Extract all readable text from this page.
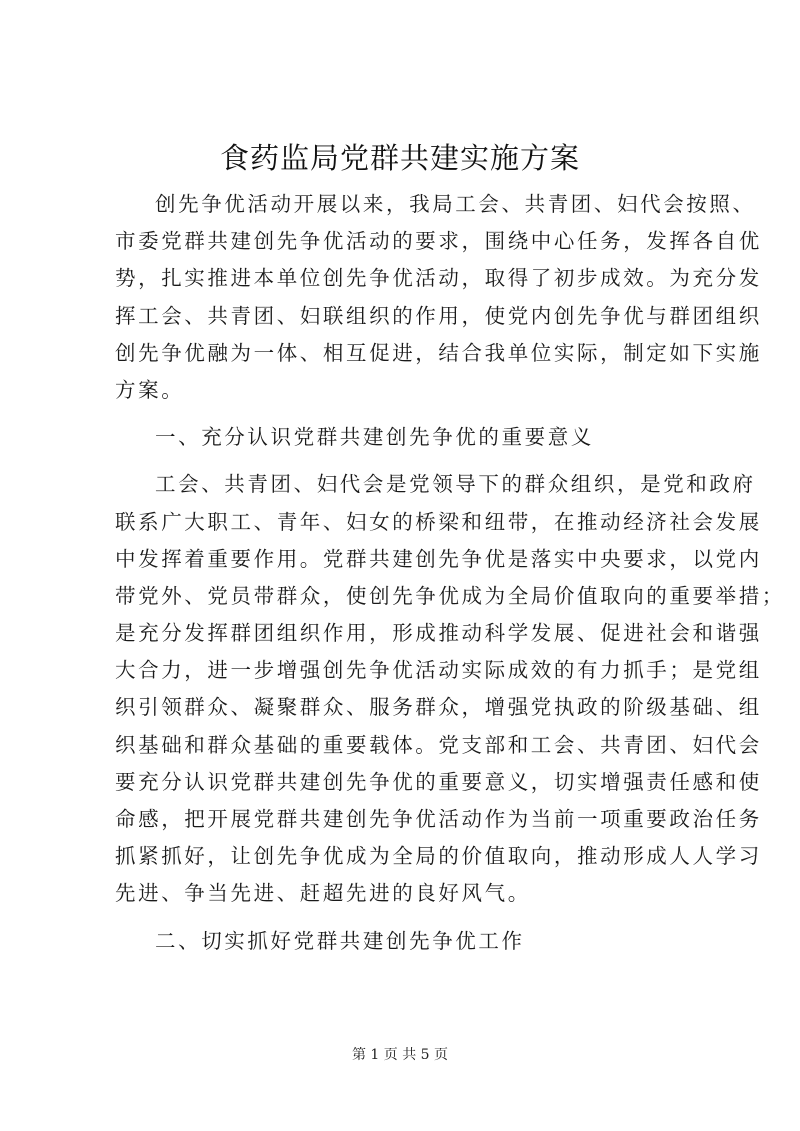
食药监局党群共建实施方案
创先争优活动开展以来，我局工会、共青团、妇代会按照、
市委党群共建创先争优活动的要求，围绕中心任务，发挥各自优
势，扎实推进本单位创先争优活动，取得了初步成效。为充分发
挥工会、共青团、妇联组织的作用，使党内创先争优与群团组织
创先争优融为一体、相互促进，结合我单位实际，制定如下实施
方案。
一、充分认识党群共建创先争优的重要意义
工会、共青团、妇代会是党领导下的群众组织，是党和政府
联系广大职工、青年、妇女的桥梁和纽带，在推动经济社会发展
中发挥着重要作用。党群共建创先争优是落实中央要求，以党内
带党外、党员带群众，使创先争优成为全局价值取向的重要举措；
是充分发挥群团组织作用，形成推动科学发展、促进社会和谐强
大合力，进一步增强创先争优活动实际成效的有力抓手；是党组
织引领群众、凝聚群众、服务群众，增强党执政的阶级基础、组
织基础和群众基础的重要载体。党支部和工会、共青团、妇代会
要充分认识党群共建创先争优的重要意义，切实增强责任感和使
命感，把开展党群共建创先争优活动作为当前一项重要政治任务
抓紧抓好，让创先争优成为全局的价值取向，推动形成人人学习
先进、争当先进、赶超先进的良好风气。
二、切实抓好党群共建创先争优工作
第 1 页 共 5 页
